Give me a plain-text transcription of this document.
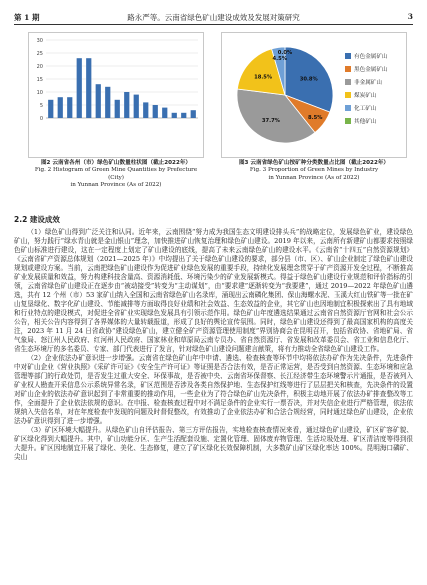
第 1 期	路永严等。云南省绿色矿山建设成效及发展对策研究	3
0
5
10
15
20
25
30
图2 云南省各州（市）绿色矿山数量柱状图（截止2022年）
Fig. 2 Histogram of Green Mine Quantities by Prefecture (City)
in Yunnan Province (As of 2022)
30.8%
8.5%
37.7%
18.5%
4.5%
0.0%
有色金属矿山
黑色金属矿山
非金属矿山
煤炭矿山
化工矿山
其他矿山
图3 云南省绿色矿山按矿种分类数量占比图（截止2022年）
Fig. 3 Proportion of Green Mines by Industry
in Yunnan Province (As of 2022)
2.2 建设成效

（1）绿色矿山得到广泛关注和认同。近年来，云南围绕“努力成为我国生态文明建设排头兵”的战略定位，发展绿色矿业，建设绿色矿山，努力践行“绿水青山就是金山银山”理念，加快推进矿山恢复治理和绿色矿山建设。2019 年以来，云南所有新建矿山都要求按照绿色矿山标准进行建设，这在一定程度上划定了矿山建设的底线，提高了未来云南绿色矿山的建设水平。《云南省“十四五”自然资源规划》《云南省矿产资源总体规划（2021—2025 年）》中均提出了关于绿色矿山建设的要求，部分县（市、区）、矿山企业制定了绿色矿山建设规划或建设方案。当前，云南把绿色矿山建设作为促进矿业绿色发展的重要手段，持续化发展理念贯穿于矿产资源开发全过程，不断推高矿业发展质量和效益，努力构建科技含量高、资源消耗低、环境污染少的矿业发展新模式。得益于绿色矿山建设行业规范和评价指标的引领，云南省绿色矿山建设正在逐步由“被动接受”转变为“主动谋划”，由“要求建”逐渐转变为“我要建”，通过 2019—2022 年绿色矿山遴选，共有 12 个州（市）53 家矿山纳入全国和云南省绿色矿山名录库，涌现出云南磷化集团、保山海螺水泥、玉溪大红山铁矿等一批在矿山复垦绿化、数字化矿山建设、节能减排等方面取得良好业绩和社会效益、生态效益的企业，其它矿山也因地制宜积极探索出了具有地域和行业特点的建设模式，对促进全省矿业实现绿色发展具有引领示范作用。绿色矿山年度遴选结果通过云南省自然资源厅官网和社会公示公告，相关公告内容得到了各界媒体的大量转载报道，形成了良好的舆论宣传氛围。同时，绿色矿山建设还得到了最高国家机构的高度关注，2023 年 11 月 24 日省政协“建设绿色矿山，建立健全矿产资源管理使用制度”界别协商会在昆明召开，包括省政协、省地矿局、省气象局、怒江州人民政府、红河州人民政府、国家林业和草原局云南专员办、省自然资源厅、省发展和改革委员会、省工业和信息化厅、省生态环境厅的多名委员、专家、部门代表进行了发言，针对绿色矿山建设问题建言献策，将有力推动全省绿色矿山建设工作。

（2）企业依法办矿意识进一步增强。云南省在绿色矿山年中申请、遴选、检查核查等环节中均将依法办矿作为先决条件，先进条件中对矿山企业《营业执照》《采矿许可证》《安全生产许可证》等证照是否合法有效，是否正常运营，是否受到自然资源、生态环境和应急管理等部门的行政处罚，是否发生过重大安全、环保事故，是否被中央、云南省环保督察、长江经济带生态环境警示片通报，是否被列入矿业权人勘查开采信息公示系统异常名录，矿区范围是否涉及各类自然保护地、生态保护红线等进行了层层把关和核查，先决条件的设置对矿山企业的依法办矿意识起到了非常重要的推动作用，一些企业为了符合绿色矿山先决条件，积极主动地开展了依法办矿排查整改等工作，全面提升了企业依法依规的意识。在申报、检查核查过程中对不满足条件的企业实行一票否决，并对失信企业进行严格管理，依法依规纳入失信名单，对在年度检查中发现的问题及时督促整改，有效推动了企业依法办矿和合法合规经营，同时通过绿色矿山建设，企业依法办矿意识得到了进一步增强。

（3）矿区环境大幅提升。从绿色矿山自评估报告、第三方评估报告，实地检查核查情况来看，通过绿色矿山建设，矿区矿容矿貌、矿区绿化得到大幅提升。其中，矿山功能分区、生产生活配套设施、定置化管理、固体废弃物管理、生活垃圾处理、矿区清洁度等得到很大提升。矿区因地制宜开展了绿化、美化、生态修复，建立了矿区绿化长效保障机制，大多数矿山矿区绿化率达 100%。昆明海口磷矿、尖山
